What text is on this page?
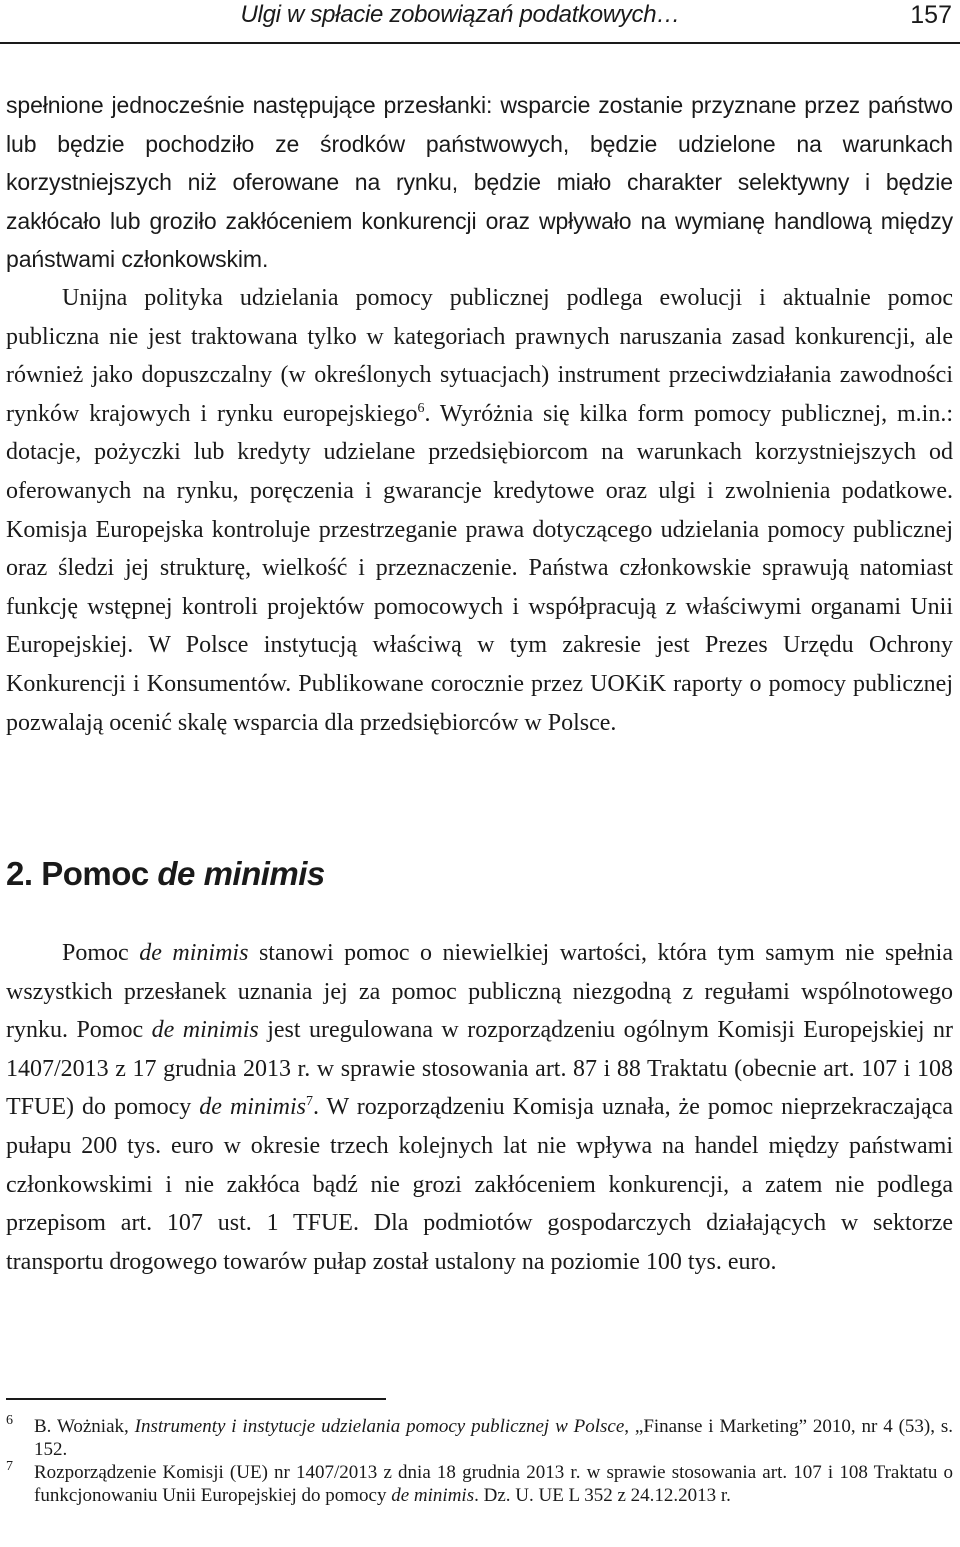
Ulgi w spłacie zobowiązań podatkowych…	157

spełnione jednocześnie następujące przesłanki: wsparcie zostanie przyznane przez państwo lub będzie pochodziło ze środków państwowych, będzie udzielone na warunkach korzystniejszych niż oferowane na rynku, będzie miało charakter selektywny i będzie zakłócało lub groziło zakłóceniem konkurencji oraz wpływało na wymianę handlową między państwami członkowskim.

Unijna polityka udzielania pomocy publicznej podlega ewolucji i aktualnie pomoc publiczna nie jest traktowana tylko w kategoriach prawnych naruszania zasad konkurencji, ale również jako dopuszczalny (w określonych sytuacjach) instrument przeciwdziałania zawodności rynków krajowych i rynku europejskiego$^6$. Wyróżnia się kilka form pomocy publicznej, m.in.: dotacje, pożyczki lub kredyty udzielane przedsiębiorcom na warunkach korzystniejszych od oferowanych na rynku, poręczenia i gwarancje kredytowe oraz ulgi i zwolnienia podatkowe. Komisja Europejska kontroluje przestrzeganie prawa dotyczącego udzielania pomocy publicznej oraz śledzi jej strukturę, wielkość i przeznaczenie. Państwa członkowskie sprawują natomiast funkcję wstępnej kontroli projektów pomocowych i współpracują z właściwymi organami Unii Europejskiej. W Polsce instytucją właściwą w tym zakresie jest Prezes Urzędu Ochrony Konkurencji i Konsumentów. Publikowane corocznie przez UOKiK raporty o pomocy publicznej pozwalają ocenić skalę wsparcia dla przedsiębiorców w Polsce.

2. Pomoc de minimis

Pomoc de minimis stanowi pomoc o niewielkiej wartości, która tym samym nie spełnia wszystkich przesłanek uznania jej za pomoc publiczną niezgodną z regułami wspólnotowego rynku. Pomoc de minimis jest uregulowana w rozporządzeniu ogólnym Komisji Europejskiej nr 1407/2013 z 17 grudnia 2013 r. w sprawie stosowania art. 87 i 88 Traktatu (obecnie art. 107 i 108 TFUE) do pomocy de minimis$^7$. W rozporządzeniu Komisja uznała, że pomoc nieprzekraczająca pułapu 200 tys. euro w okresie trzech kolejnych lat nie wpływa na handel między państwami członkowskimi i nie zakłóca bądź nie grozi zakłóceniem konkurencji, a zatem nie podlega przepisom art. 107 ust. 1 TFUE. Dla podmiotów gospodarczych działających w sektorze transportu drogowego towarów pułap został ustalony na poziomie 100 tys. euro.

6 B. Wożniak, Instrumenty i instytucje udzielania pomocy publicznej w Polsce, „Finanse i Marketing” 2010, nr 4 (53), s. 152.
7 Rozporządzenie Komisji (UE) nr 1407/2013 z dnia 18 grudnia 2013 r. w sprawie stosowania art. 107 i 108 Traktatu o funkcjonowaniu Unii Europejskiej do pomocy de minimis. Dz. U. UE L 352 z 24.12.2013 r.
